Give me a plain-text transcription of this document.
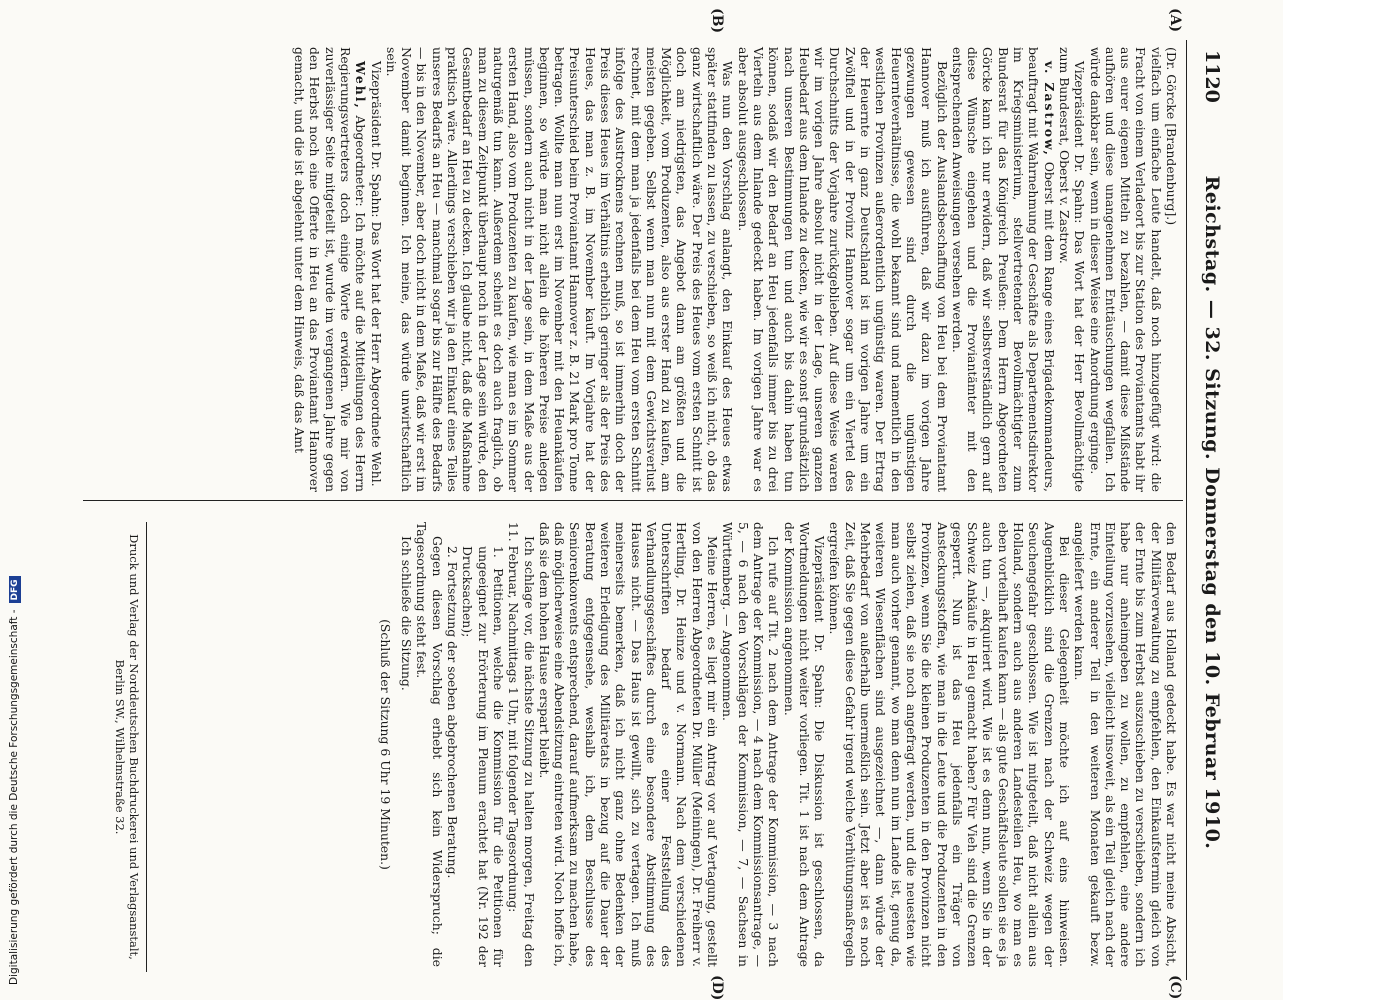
1120
Reichstag. — 32. Sitzung. Donnerstag den 10. Februar 1910.
(A)
(B)
(C)
(D)

(Dr. Görcke [Brandenburg].)

vielfach um einfache Leute handelt, daß noch hinzugefügt wird: die Fracht von einem Verladeort bis zur Station des Proviantamts habt ihr aus eurer eigenen Mitteln zu bezahlen, — damit diese Mißstände aufhören und diese unangenehmen Enttäuschungen wegfallen. Ich würde dankbar sein, wenn in dieser Weise eine Anordnung erginge.

Vizepräsident Dr. Spahn: Das Wort hat der Herr Bevollmächtigte zum Bundesrat, Oberst v. Zastrow.

v. Zastrow, Oberst mit dem Range eines Brigadekommandeurs, beauftragt mit Wahrnehmung der Geschäfte als Departementsdirektor im Kriegsministerium, stellvertretender Bevollmächtigter zum Bundesrat für das Königreich Preußen: Dem Herrn Abgeordneten Görcke kann ich nur erwidern, daß wir selbstverständlich gern auf diese Wünsche eingehen und die Proviantämter mit den entsprechenden Anweisungen versehen werden.

Bezüglich der Auslandsbeschaffung von Heu bei dem Proviantamt Hannover muß ich ausführen, daß wir dazu im vorigen Jahre gezwungen gewesen sind durch die ungünstigen Heuernteverhältnisse, die wohl bekannt sind und namentlich in den westlichen Provinzen außerordentlich ungünstig waren. Der Ertrag der Heuernte in ganz Deutschland ist im vorigen Jahre um ein Zwölftel und in der Provinz Hannover sogar um ein Viertel des Durchschnitts der Vorjahre zurückgeblieben. Auf diese Weise waren wir im vorigen Jahre absolut nicht in der Lage, unseren ganzen Heubedarf aus dem Inlande zu decken, wie wir es sonst grundsätzlich nach unseren Bestimmungen tun und auch bis dahin haben tun können, sodaß wir den Bedarf an Heu jedenfalls immer bis zu drei Vierteln aus dem Inlande gedeckt haben. Im vorigen Jahre war es aber absolut ausgeschlossen.

Was nun den Vorschlag anlangt, den Einkauf des Heues etwas später stattfinden zu lassen, zu verschieben, so weiß ich nicht, ob das ganz wirtschaftlich wäre. Der Preis des Heues vom ersten Schnitt ist doch am niedrigsten, das Angebot dann am größten und die Möglichkeit, vom Produzenten, also aus erster Hand zu kaufen, am meisten gegeben. Selbst wenn man nun mit dem Gewichtsverlust rechnet, mit dem man ja jedenfalls bei dem Heu vom ersten Schnitt infolge des Austrocknens rechnen muß, so ist immerhin doch der Preis dieses Heues im Verhältnis erheblich geringer als der Preis des Heues, das man z. B. im November kauft. Im Vorjahre hat der Preisunterschied beim Proviantamt Hannover z. B. 21 Mark pro Tonne betragen. Wollte man nun erst im November mit den Heuankäufen beginnen, so würde man nicht allein die höheren Preise anlegen müssen, sondern auch nicht in der Lage sein, in dem Maße aus der ersten Hand, also vom Produzenten zu kaufen, wie man es im Sommer naturgemäß tun kann. Außerdem scheint es doch auch fraglich, ob man zu diesem Zeitpunkt überhaupt noch in der Lage sein würde, den Gesamtbedarf an Heu zu decken. Ich glaube nicht, daß die Maßnahme praktisch wäre. Allerdings verschieben wir ja den Einkauf eines Teiles unseres Bedarfs an Heu — manchmal sogar bis zur Hälfte des Bedarfs — bis in den November, aber doch nicht in dem Maße, daß wir erst im November damit beginnen. Ich meine, das würde unwirtschaftlich sein.

Vizepräsident Dr. Spahn: Das Wort hat der Herr Abgeordnete Wehl.

Wehl, Abgeordneter: Ich möchte auf die Mitteilungen des Herrn Regierungsvertreters doch einige Worte erwidern. Wie mir von zuverlässiger Seite mitgeteilt ist, wurde im vergangenen Jahre gegen den Herbst noch eine Offerte in Heu an das Proviantamt Hannover gemacht, und die ist abgelehnt unter dem Hinweis, daß das Amt

den Bedarf aus Holland gedeckt habe. Es war nicht meine Absicht, der Militärverwaltung zu empfehlen, den Einkaufstermin gleich von der Ernte bis zum Herbst auszuschieben zu verschieben, sondern ich habe nur anheimgeben zu wollen, zu empfehlen, eine andere Einteilung vorzusehen, vielleicht insoweit, als ein Teil gleich nach der Ernte, ein anderer Teil in den weiteren Monaten gekauft bezw. angeliefert werden kann.

Bei dieser Gelegenheit möchte ich auf eins hinweisen. Augenblicklich sind die Grenzen nach der Schweiz wegen der Seuchengefahr geschlossen. Wie ist mitgeteilt, daß nicht allein aus Holland, sondern auch aus anderen Landesteilen Heu, wo man es eben vorteilhaft kaufen kann — als gute Geschäftsleute sollen sie es ja auch tun —, akquiriert wird. Wie ist es denn nun, wenn Sie in der Schweiz Ankäufe in Heu gemacht haben? Für Vieh sind die Grenzen gesperrt. Nun ist das Heu jedenfalls ein Träger von Ansteckungsstoffen, wie man in die Leute und die Produzenten in den Provinzen, wenn Sie die kleinen Produzenten in den Provinzen nicht selbst ziehen, daß sie noch angefragt werden, und die neuesten wie man auch vorher genannt, wo man denn nun im Lande ist, genug da, weiteren Wiesenflächen sind ausgezeichnet —, dann würde der Mehrbedarf von außerhalb unermeßlich sein. Jetzt aber ist es noch Zeit, daß Sie gegen diese Gefahr irgend welche Verhütungsmaßregeln ergreifen können.

Vizepräsident Dr. Spahn: Die Diskussion ist geschlossen, da Wortmeldungen nicht weiter vorliegen. Tit. 1 ist nach dem Antrage der Kommission angenommen.

Ich rufe auf Tit. 2 nach dem Antrage der Kommission, — 3 nach dem Antrage der Kommission, — 4 nach dem Kommissionsantrage, — 5, — 6 nach den Vorschlägen der Kommission, — 7, — Sachsen in Württemberg. — Angenommen.

Meine Herren, es liegt mir ein Antrag vor auf Vertagung, gestellt von den Herren Abgeordneten Dr. Müller (Meiningen), Dr. Freiherr v. Hertling, Dr. Heinze und v. Normann. Nach dem verschiedenen Unterschriften bedarf es einer Feststellung des Verhandlungsgeschäftes durch eine besondere Abstimmung des Hauses nicht. — Das Haus ist gewillt, sich zu vertagen. Ich muß meinerseits bemerken, daß ich nicht ganz ohne Bedenken der weiteren Erledigung des Militäretats in bezug auf die Dauer der Beratung entgegensehe, weshalb ich, dem Beschlusse des Seniorenkonvents entsprechend, darauf aufmerksam zu machen habe, daß möglicherweise eine Abendsitzung eintreten wird. Noch hoffe ich, daß sie dem hohen Hause erspart bleibt.

Ich schlage vor, die nächste Sitzung zu halten morgen, Freitag den 11. Februar, Nachmittags 1 Uhr, mit folgender Tagesordnung:

1. Petitionen, welche die Kommission für die Petitionen für ungeeignet zur Erörterung im Plenum erachtet hat (Nr. 192 der Drucksachen);

2. Fortsetzung der soeben abgebrochenen Beratung.

Gegen diesen Vorschlag erhebt sich kein Widerspruch; die Tagesordnung steht fest.

Ich schließe die Sitzung.

(Schluß der Sitzung 6 Uhr 19 Minuten.)

Druck und Verlag der Norddeutschen Buchdruckerei und Verlagsanstalt, Berlin SW., Wilhelmstraße 32.
Digitalisierung gefördert durch die Deutsche Forschungsgemeinschaft -DFG
